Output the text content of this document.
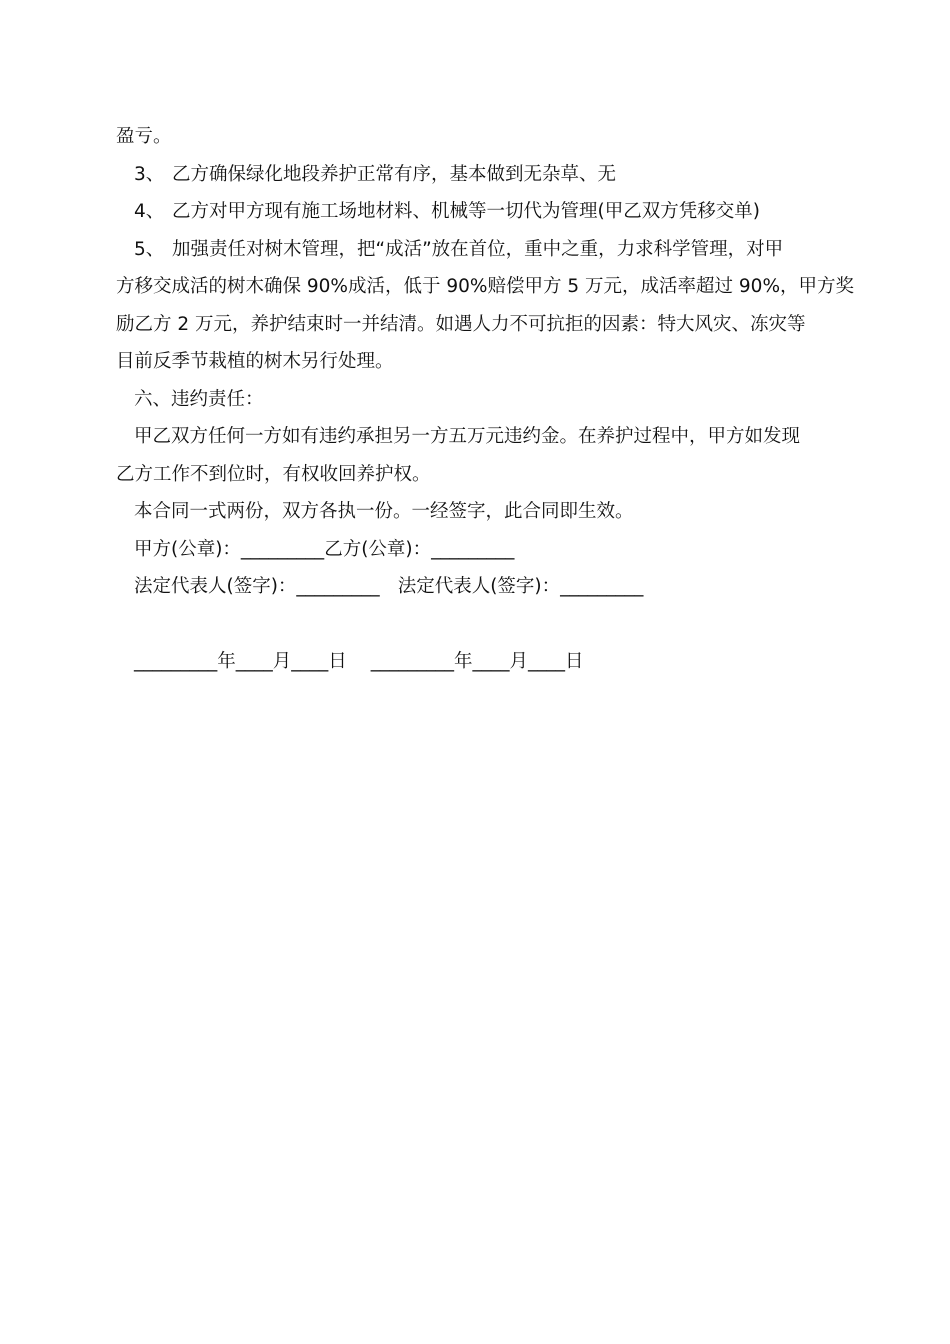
盈亏。
3、 乙方确保绿化地段养护正常有序，基本做到无杂草、无
4、 乙方对甲方现有施工场地材料、机械等一切代为管理(甲乙双方凭移交单)
5、 加强责任对树木管理，把“成活”放在首位，重中之重，力求科学管理，对甲
方移交成活的树木确保 90%成活，低于 90%赔偿甲方 5 万元，成活率超过 90%，甲方奖
励乙方 2 万元，养护结束时一并结清。如遇人力不可抗拒的因素：特大风灾、冻灾等
目前反季节栽植的树木另行处理。
六、违约责任：
甲乙双方任何一方如有违约承担另一方五万元违约金。在养护过程中，甲方如发现
乙方工作不到位时，有权收回养护权。
本合同一式两份，双方各执一份。一经签字，此合同即生效。
甲方(公章)：_________乙方(公章)：_________
法定代表人(签字)：_________ 法定代表人(签字)：_________
_________年____月____日 _________年____月____日
